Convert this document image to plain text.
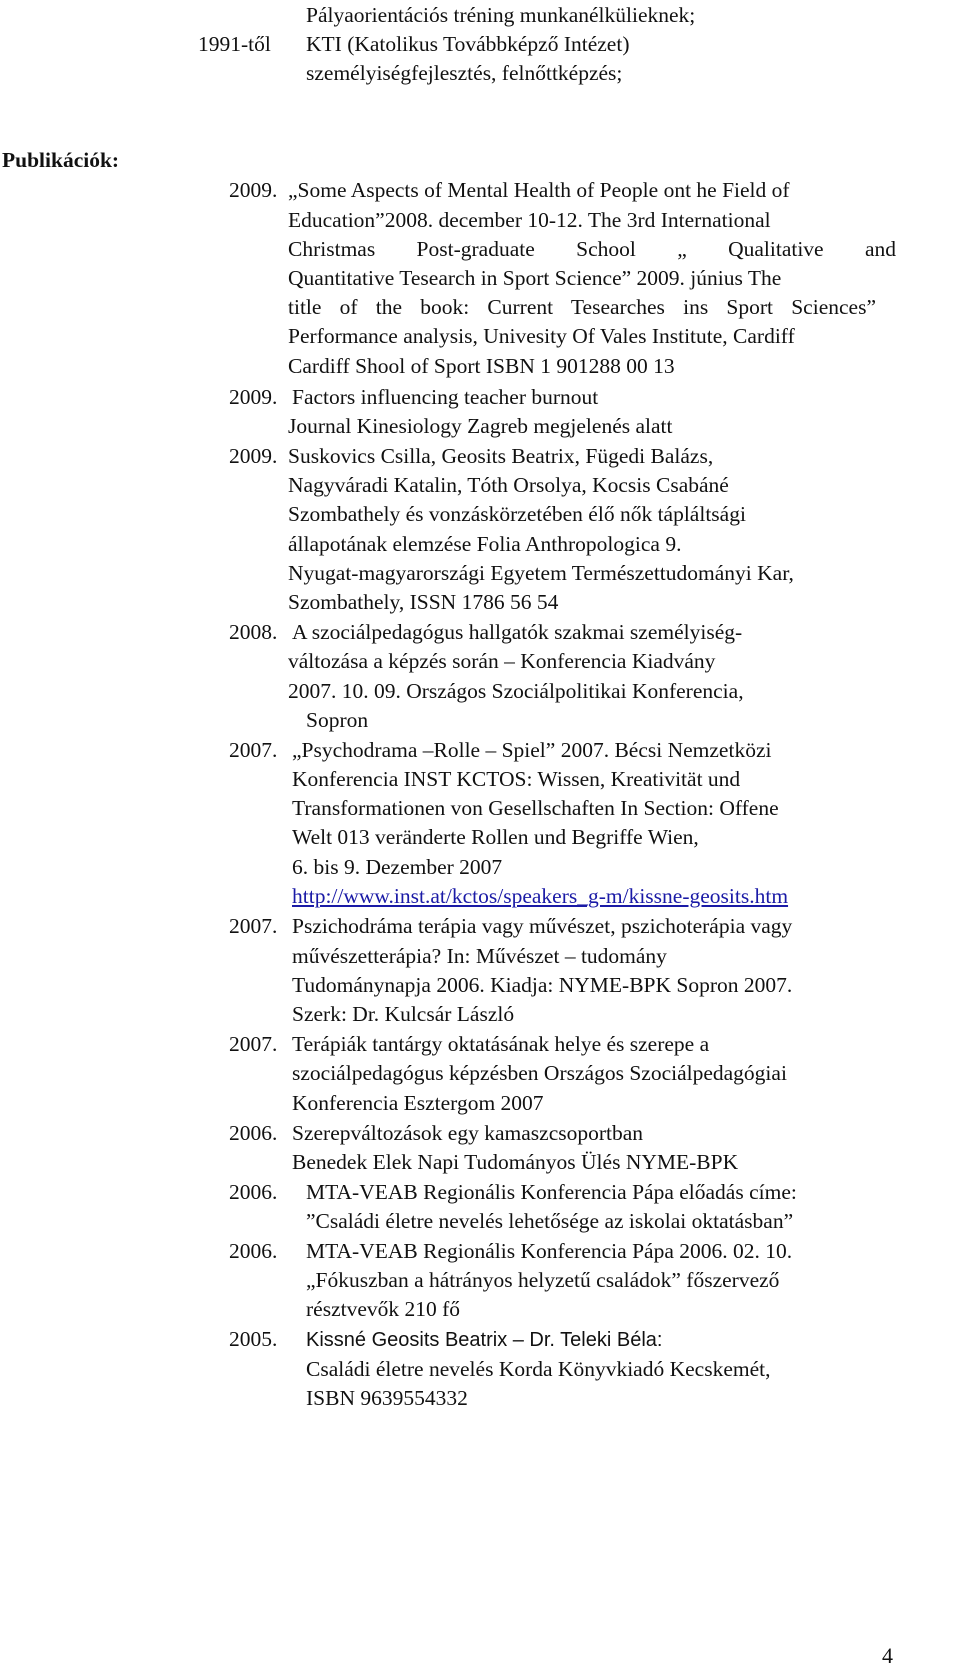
Pályaorientációs tréning munkanélkülieknek;
1991-től KTI (Katolikus Továbbképző Intézet)
személyiségfejlesztés, felnőttképzés;
Publikációk:
2009. „Some Aspects of Mental Health of People ont he Field of
Education”2008. december 10-12. The 3rd International
Christmas Post-graduate School „ Qualitative and
Quantitative Tesearch in Sport Science” 2009. június The
title of the book: Current Tesearches ins Sport Sciences”
Performance analysis, Univesity Of Vales Institute, Cardiff
Cardiff Shool of Sport ISBN 1 901288 00 13
2009. Factors influencing teacher burnout
Journal Kinesiology Zagreb megjelenés alatt
2009. Suskovics Csilla, Geosits Beatrix, Fügedi Balázs,
Nagyváradi Katalin, Tóth Orsolya, Kocsis Csabáné
Szombathely és vonzáskörzetében élő nők tápláltsági
állapotának elemzése Folia Anthropologica 9.
Nyugat-magyarországi Egyetem Természettudományi Kar,
Szombathely, ISSN 1786 56 54
2008. A szociálpedagógus hallgatók szakmai személyiség-
változása a képzés során – Konferencia Kiadvány
2007. 10. 09. Országos Szociálpolitikai Konferencia,
Sopron
2007. „Psychodrama –Rolle – Spiel” 2007. Bécsi Nemzetközi
Konferencia INST KCTOS: Wissen, Kreativität und
Transformationen von Gesellschaften In Section: Offene
Welt 013 veränderte Rollen und Begriffe Wien,
6. bis 9. Dezember 2007
http://www.inst.at/kctos/speakers_g-m/kissne-geosits.htm
2007. Pszichodráma terápia vagy művészet, pszichoterápia vagy
művészetterápia? In: Művészet – tudomány
Tudománynapja 2006. Kiadja: NYME-BPK Sopron 2007.
Szerk: Dr. Kulcsár László
2007. Terápiák tantárgy oktatásának helye és szerepe a
szociálpedagógus képzésben Országos Szociálpedagógiai
Konferencia Esztergom 2007
2006. Szerepváltozások egy kamaszcsoportban
Benedek Elek Napi Tudományos Ülés NYME-BPK
2006. MTA-VEAB Regionális Konferencia Pápa előadás címe:
”Családi életre nevelés lehetősége az iskolai oktatásban”
2006. MTA-VEAB Regionális Konferencia Pápa 2006. 02. 10.
„Fókuszban a hátrányos helyzetű családok” főszervező
résztvevők 210 fő
2005. Kissné Geosits Beatrix – Dr. Teleki Béla:
Családi életre nevelés Korda Könyvkiadó Kecskemét,
ISBN 9639554332
4
